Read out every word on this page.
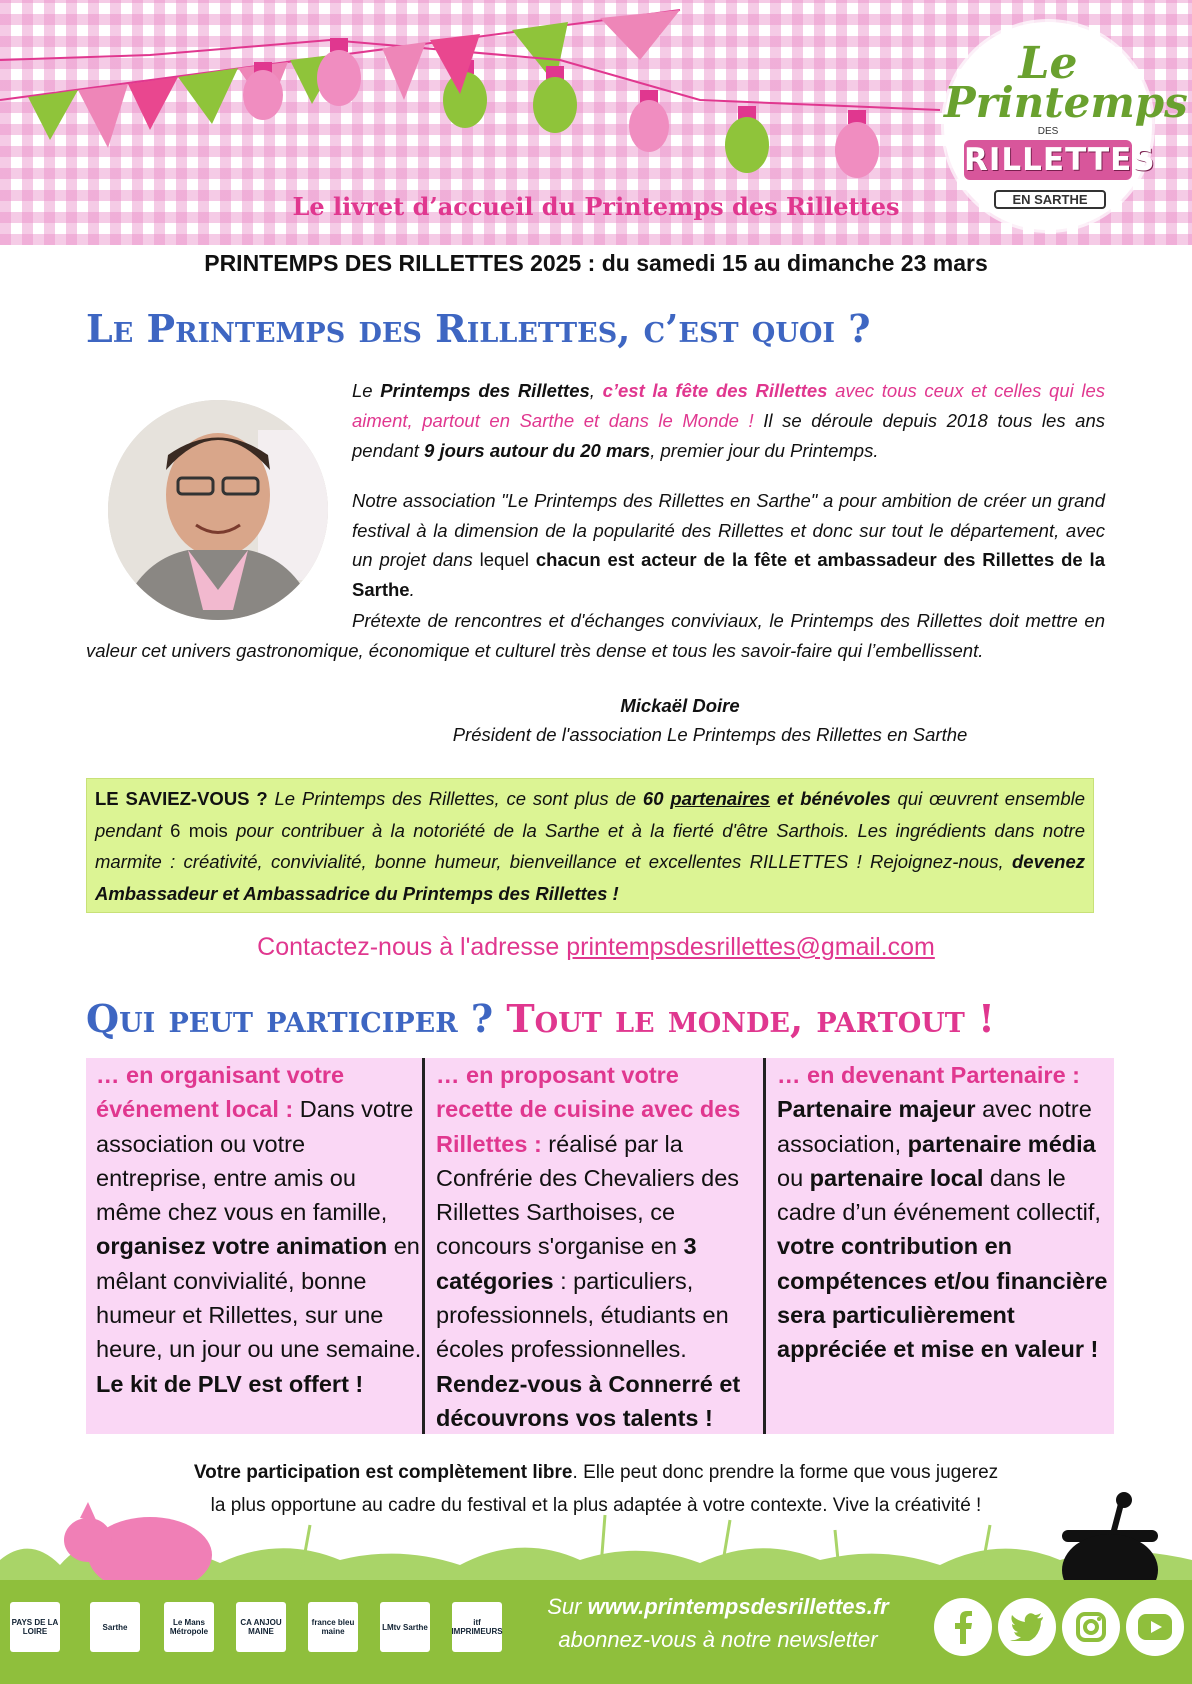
Le livret d’accueil du Printemps des Rillettes
Le
Printemps
DES
RILLETTES
EN SARTHE
PRINTEMPS DES RILLETTES 2025 : du samedi 15 au dimanche 23 mars
Le Printemps des Rillettes, c’est quoi ?
Le Printemps des Rillettes, c’est la fête des Rillettes avec tous ceux et celles qui les aiment, partout en Sarthe et dans le Monde ! Il se déroule depuis 2018 tous les ans pendant 9 jours autour du 20 mars, premier jour du Printemps.
Notre association "Le Printemps des Rillettes en Sarthe" a pour ambition de créer un grand festival à la dimension de la popularité des Rillettes et donc sur tout le département, avec un projet dans lequel chacun est acteur de la fête et ambassadeur des Rillettes de la Sarthe.
Prétexte de rencontres et d'échanges conviviaux, le Printemps des Rillettes doit mettre en valeur cet univers gastronomique, économique et culturel très dense et tous les savoir-faire qui l’embellissent.
Mickaël Doire
Président de l'association Le Printemps des Rillettes en Sarthe

LE SAVIEZ-VOUS ? Le Printemps des Rillettes, ce sont plus de 60 partenaires et bénévoles qui œuvrent ensemble pendant 6 mois pour contribuer à la notoriété de la Sarthe et à la fierté d'être Sarthois. Les ingrédients dans notre marmite : créativité, convivialité, bonne humeur, bienveillance et excellentes RILLETTES ! Rejoignez-nous, devenez Ambassadeur et Ambassadrice du Printemps des Rillettes !

Contactez-nous à l'adresse printempsdesrillettes@gmail.com
Qui peut participer ? Tout le monde, partout !
… en organisant votre événement local : Dans votre association ou votre entreprise, entre amis ou même chez vous en famille, organisez votre animation en mêlant convivialité, bonne humeur et Rillettes, sur une heure, un jour ou une semaine. Le kit de PLV est offert !
… en proposant votre recette de cuisine avec des Rillettes : réalisé par la Confrérie des Chevaliers des Rillettes Sarthoises, ce concours s'organise en 3 catégories : particuliers, professionnels, étudiants en écoles professionnelles. Rendez-vous à Connerré et découvrons vos talents !
… en devenant Partenaire :
Partenaire majeur avec notre association, partenaire média ou partenaire local dans le cadre d’un événement collectif, votre contribution en compétences et/ou financière sera particulièrement appréciée et mise en valeur !
Votre participation est complètement libre. Elle peut donc prendre la forme que vous jugerez
la plus opportune au cadre du festival et la plus adaptée à votre contexte. Vive la créativité !
PAYS DE LA LOIRE	Sarthe	Le Mans Métropole
CA ANJOU MAINE
france bleu maine	LMtv Sarthe	itf IMPRIMEURS
Sur www.printempsdesrillettes.fr
abonnez-vous à notre newsletter
